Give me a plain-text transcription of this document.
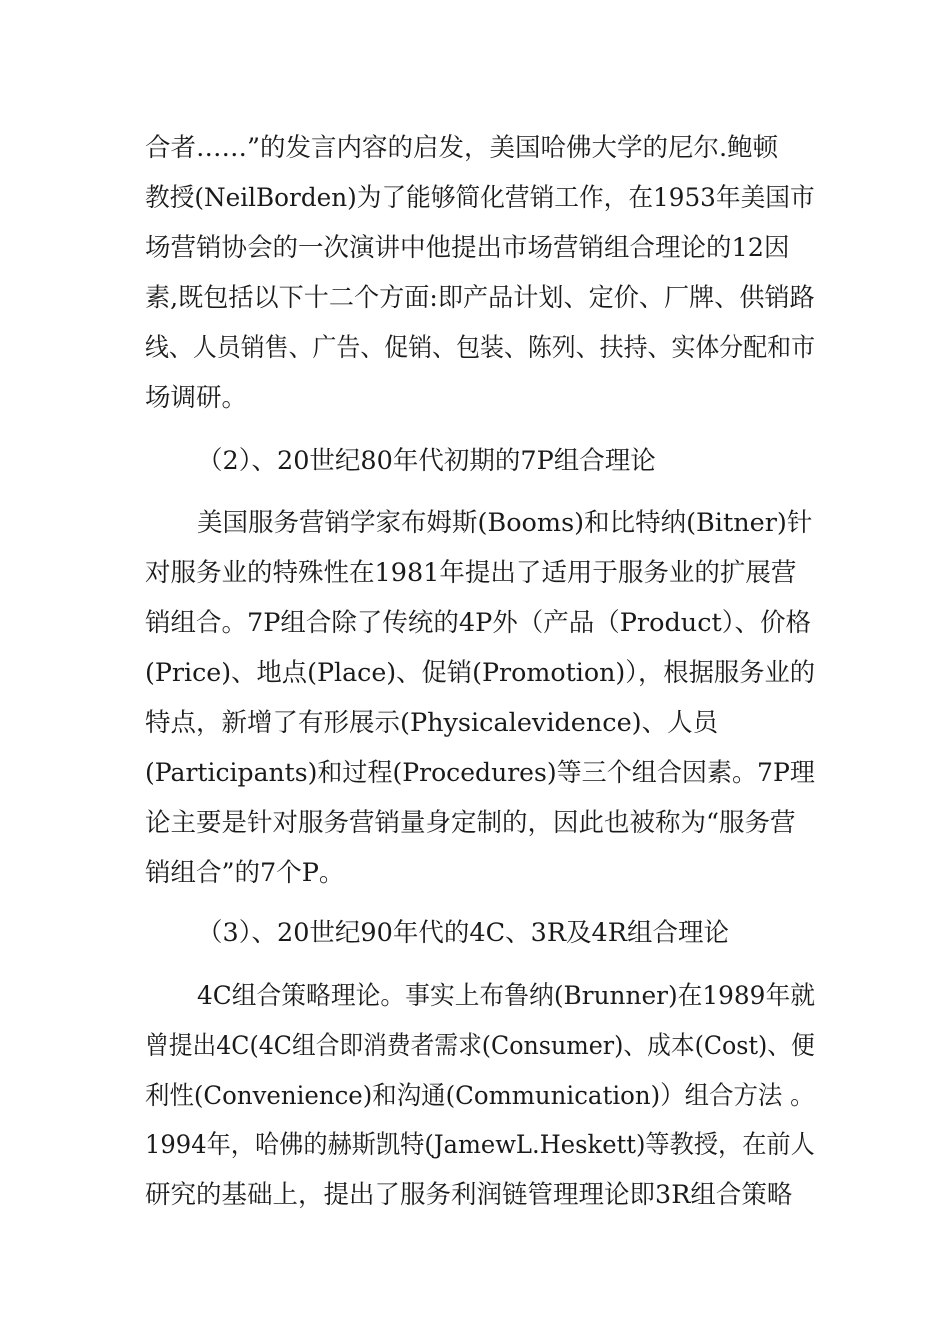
合者……”的发言内容的启发，美国哈佛大学的尼尔.鲍顿
教授(NeilBorden)为了能够简化营销工作，在1953年美国市
场营销协会的一次演讲中他提出市场营销组合理论的12因
素,既包括以下十二个方面:即产品计划、定价、厂牌、供销路
线、人员销售、广告、促销、包装、陈列、扶持、实体分配和市
场调研。
（2）、20世纪80年代初期的7P组合理论
美国服务营销学家布姆斯(Booms)和比特纳(Bitner)针
对服务业的特殊性在1981年提出了适用于服务业的扩展营
销组合。7P组合除了传统的4P外（产品（Product）、价格
(Price)、地点(Place)、促销(Promotion)），根据服务业的
特点，新增了有形展示(Physicalevidence)、人员
(Participants)和过程(Procedures)等三个组合因素。7P理
论主要是针对服务营销量身定制的，因此也被称为“服务营
销组合”的7个P。
（3）、20世纪90年代的4C、3R及4R组合理论
4C组合策略理论。事实上布鲁纳(Brunner)在1989年就
曾提出4C(4C组合即消费者需求(Consumer)、成本(Cost)、便
利性(Convenience)和沟通(Communication)）组合方法 。
1994年，哈佛的赫斯凯特(JamewL.Heskett)等教授，在前人
研究的基础上，提出了服务利润链管理理论即3R组合策略
